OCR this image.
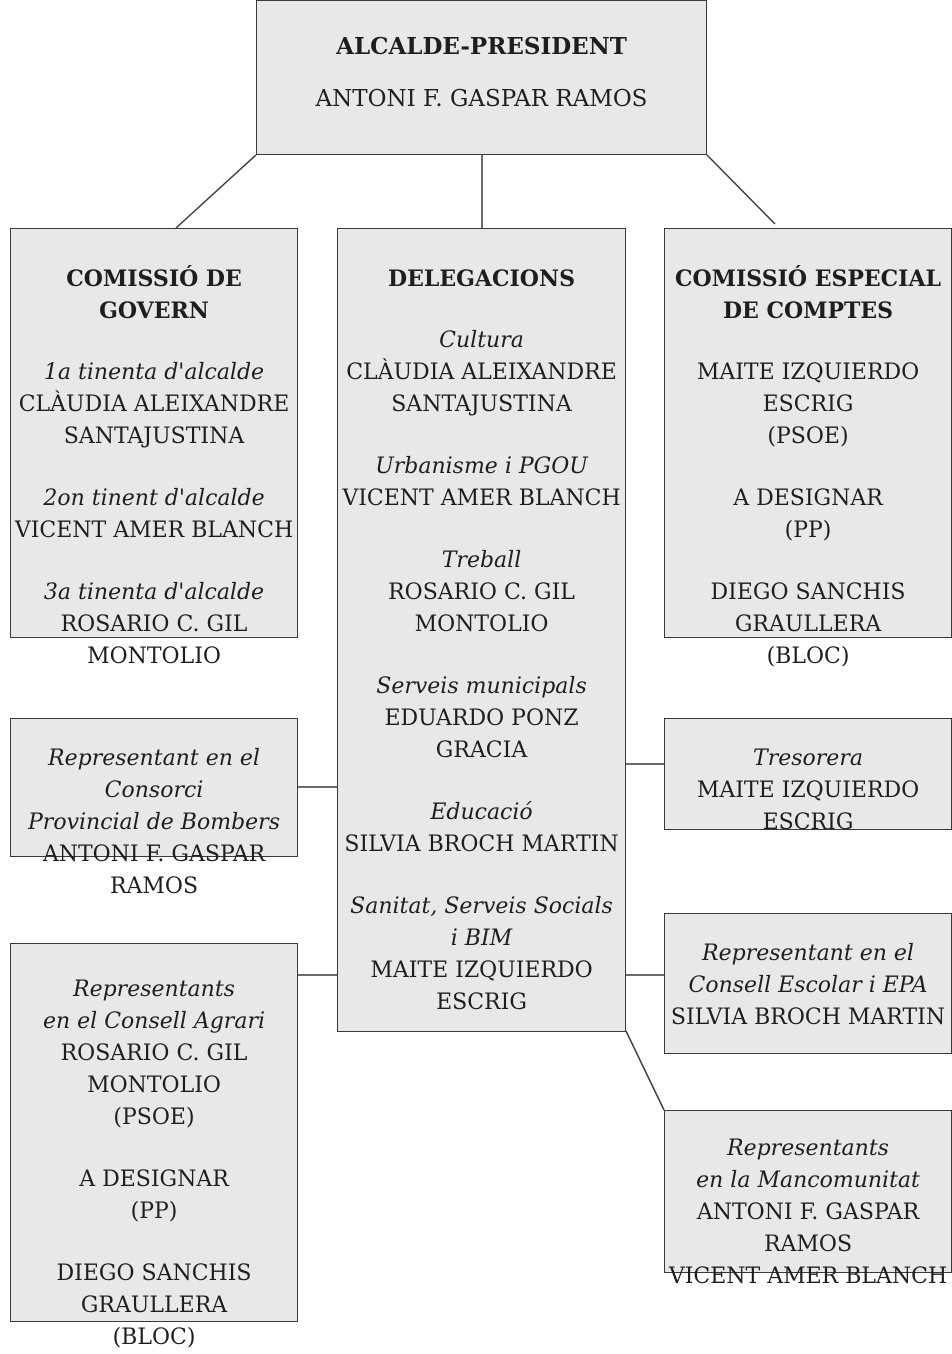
ALCALDE-PRESIDENT
ANTONI F. GASPAR RAMOS
COMISSIÓ DE GOVERN
1a tinenta d'alcalde
CLÀUDIA ALEIXANDRE
SANTAJUSTINA
2on tinent d'alcalde
VICENT AMER BLANCH
3a tinenta d'alcalde
ROSARIO C. GIL MONTOLIO
DELEGACIONS
Cultura
CLÀUDIA ALEIXANDRE
SANTAJUSTINA
Urbanisme i PGOU
VICENT AMER BLANCH
Treball
ROSARIO C. GIL MONTOLIO
Serveis municipals
EDUARDO PONZ GRACIA
Educació
SILVIA BROCH MARTIN
Sanitat, Serveis Socials
i BIM
MAITE IZQUIERDO ESCRIG
COMISSIÓ ESPECIAL
DE COMPTES
MAITE IZQUIERDO ESCRIG
(PSOE)
A DESIGNAR
(PP)
DIEGO SANCHIS GRAULLERA
(BLOC)
Representant en el Consorci
Provincial de Bombers
ANTONI F. GASPAR RAMOS
Tresorera
MAITE IZQUIERDO ESCRIG
Representant en el
Consell Escolar i EPA
SILVIA BROCH MARTIN
Representants
en el Consell Agrari
ROSARIO C. GIL MONTOLIO
(PSOE)
A DESIGNAR
(PP)
DIEGO SANCHIS GRAULLERA
(BLOC)
Representants
en la Mancomunitat
ANTONI F. GASPAR RAMOS
VICENT AMER BLANCH
